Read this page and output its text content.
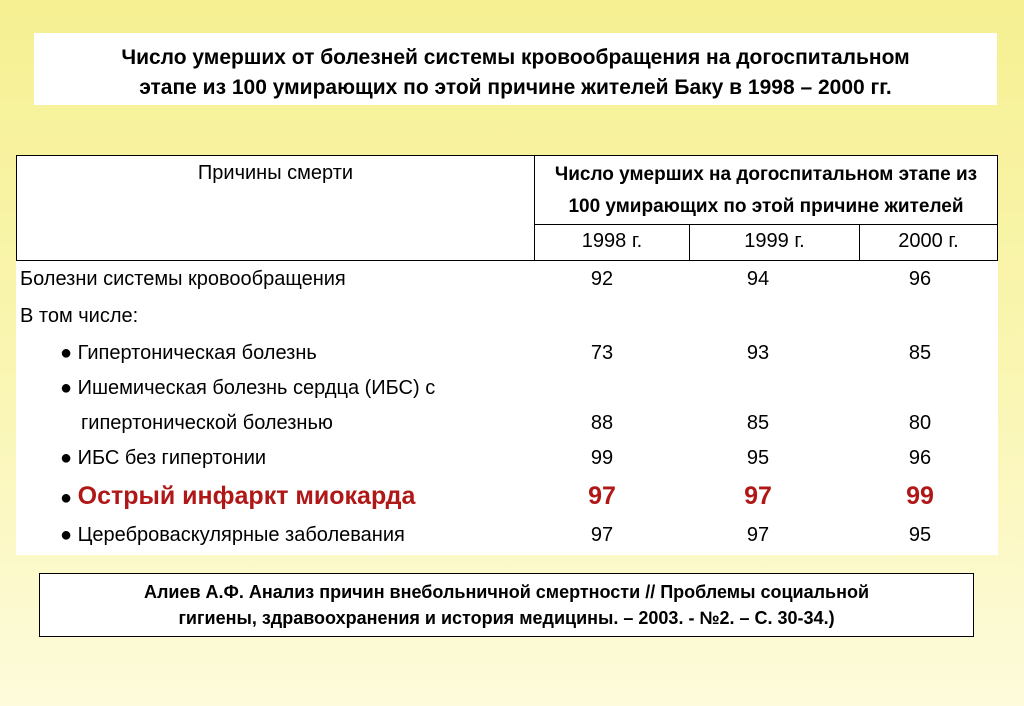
Число умерших от болезней системы кровообращения на догоспитальном
этапе из 100 умирающих по этой причине жителей Баку в 1998 – 2000 гг.
Причины смерти	Число умерших на догоспитальном этапе из
100 умирающих по этой причине жителей
1998 г.	1999 г.	2000 г.
Болезни системы кровообращения	92	94	96
В том числе:
● Гипертоническая болезнь	73	93	85
● Ишемическая болезнь сердца (ИБС) с
гипертонической болезнью	88	85	80
● ИБС без гипертонии	99	95	96
● Острый инфаркт миокарда	97	97	99
● Цереброваскулярные заболевания	97	97	95
Алиев А.Ф. Анализ причин внебольничной смертности // Проблемы социальной
гигиены, здравоохранения и история медицины. – 2003. - №2. – С. 30-34.)
